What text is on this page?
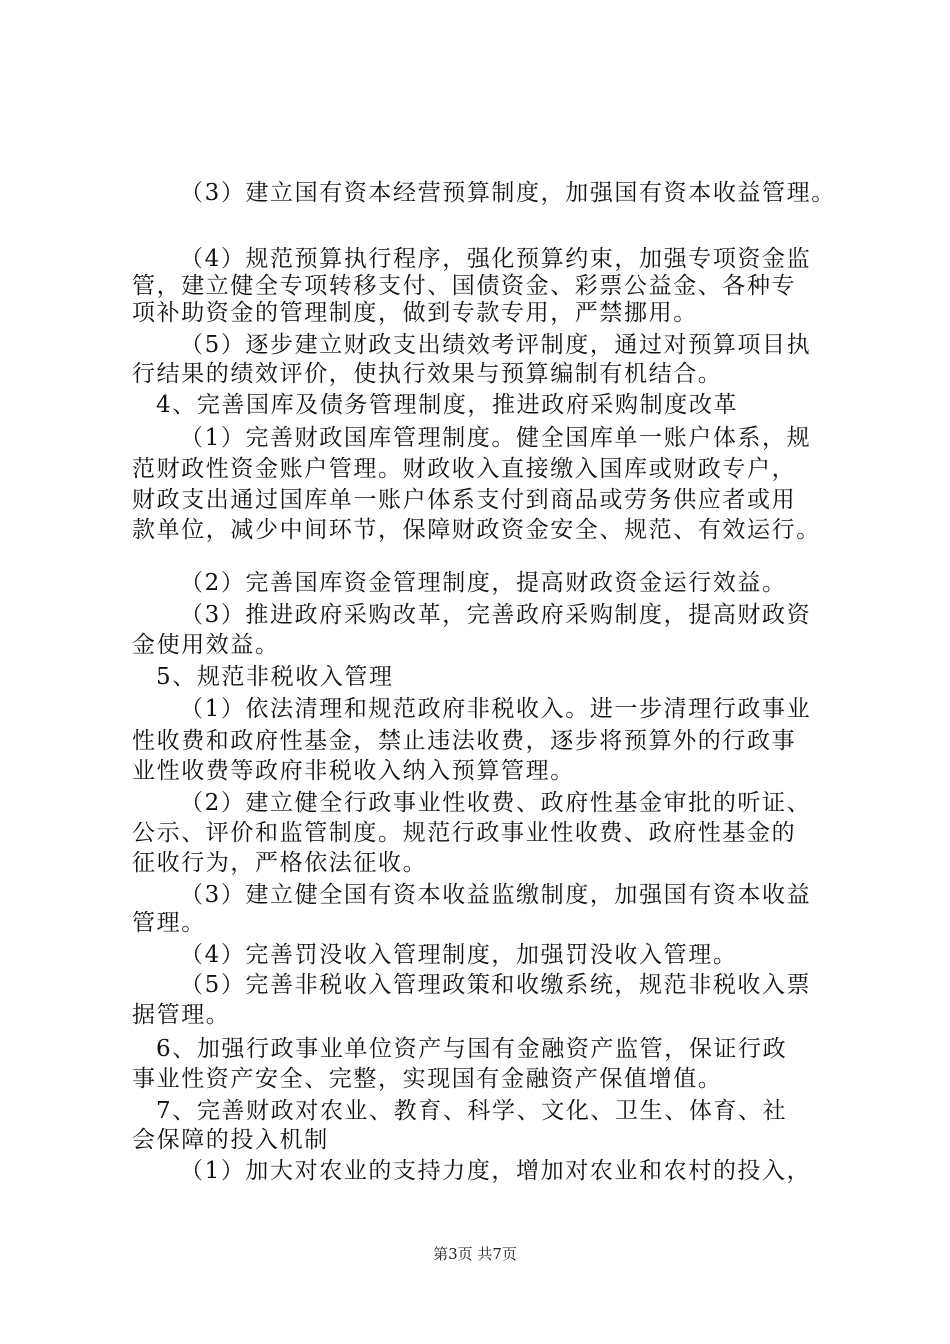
（3）建立国有资本经营预算制度，加强国有资本收益管理。
（4）规范预算执行程序，强化预算约束，加强专项资金监
管，建立健全专项转移支付、国债资金、彩票公益金、各种专
项补助资金的管理制度，做到专款专用，严禁挪用。
（5）逐步建立财政支出绩效考评制度，通过对预算项目执
行结果的绩效评价，使执行效果与预算编制有机结合。
4、完善国库及债务管理制度，推进政府采购制度改革
（1）完善财政国库管理制度。健全国库单一账户体系，规
范财政性资金账户管理。财政收入直接缴入国库或财政专户，
财政支出通过国库单一账户体系支付到商品或劳务供应者或用
款单位，减少中间环节，保障财政资金安全、规范、有效运行。
（2）完善国库资金管理制度，提高财政资金运行效益。
（3）推进政府采购改革，完善政府采购制度，提高财政资
金使用效益。
5、规范非税收入管理
（1）依法清理和规范政府非税收入。进一步清理行政事业
性收费和政府性基金，禁止违法收费，逐步将预算外的行政事
业性收费等政府非税收入纳入预算管理。
（2）建立健全行政事业性收费、政府性基金审批的听证、
公示、评价和监管制度。规范行政事业性收费、政府性基金的
征收行为，严格依法征收。
（3）建立健全国有资本收益监缴制度，加强国有资本收益
管理。
（4）完善罚没收入管理制度，加强罚没收入管理。
（5）完善非税收入管理政策和收缴系统，规范非税收入票
据管理。
6、加强行政事业单位资产与国有金融资产监管，保证行政
事业性资产安全、完整，实现国有金融资产保值增值。
7、完善财政对农业、教育、科学、文化、卫生、体育、社
会保障的投入机制
（1）加大对农业的支持力度，增加对农业和农村的投入，
第3页 共7页
